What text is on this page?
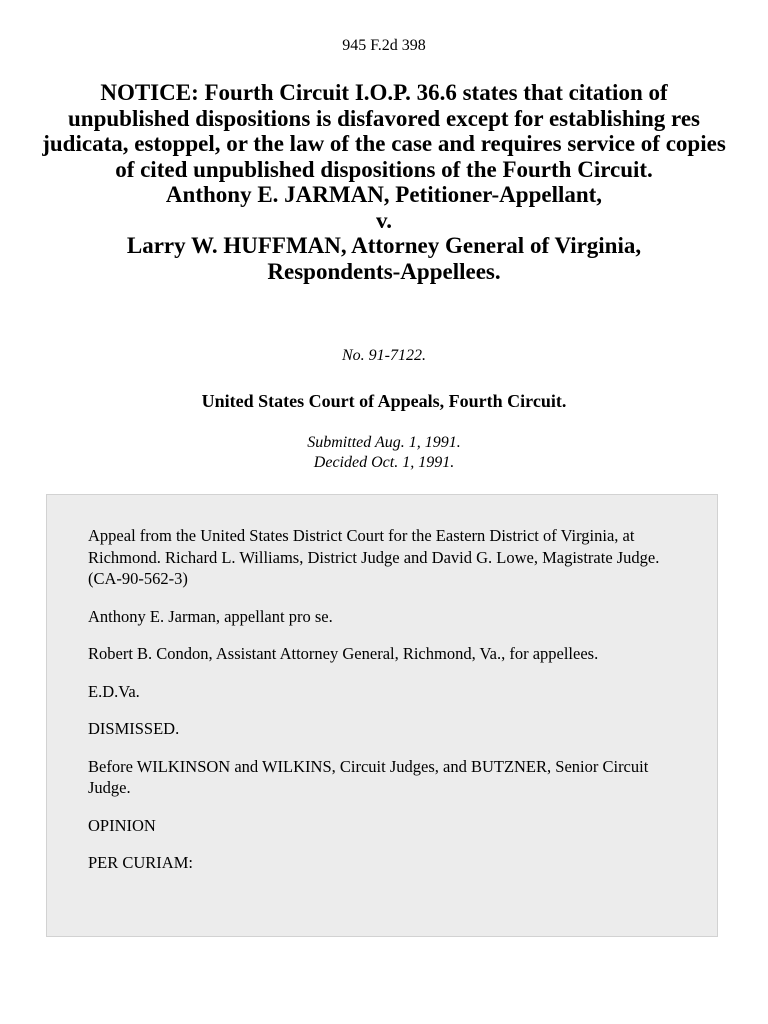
945 F.2d 398
NOTICE: Fourth Circuit I.O.P. 36.6 states that citation of unpublished dispositions is disfavored except for establishing res judicata, estoppel, or the law of the case and requires service of copies of cited unpublished dispositions of the Fourth Circuit.
Anthony E. JARMAN, Petitioner-Appellant,
v.
Larry W. HUFFMAN, Attorney General of Virginia,
Respondents-Appellees.
No. 91-7122.
United States Court of Appeals, Fourth Circuit.
Submitted Aug. 1, 1991.
Decided Oct. 1, 1991.

Appeal from the United States District Court for the Eastern District of Virginia, at Richmond. Richard L. Williams, District Judge and David G. Lowe, Magistrate Judge. (CA-90-562-3)

Anthony E. Jarman, appellant pro se.

Robert B. Condon, Assistant Attorney General, Richmond, Va., for appellees.

E.D.Va.

DISMISSED.

Before WILKINSON and WILKINS, Circuit Judges, and BUTZNER, Senior Circuit Judge.

OPINION

PER CURIAM:
